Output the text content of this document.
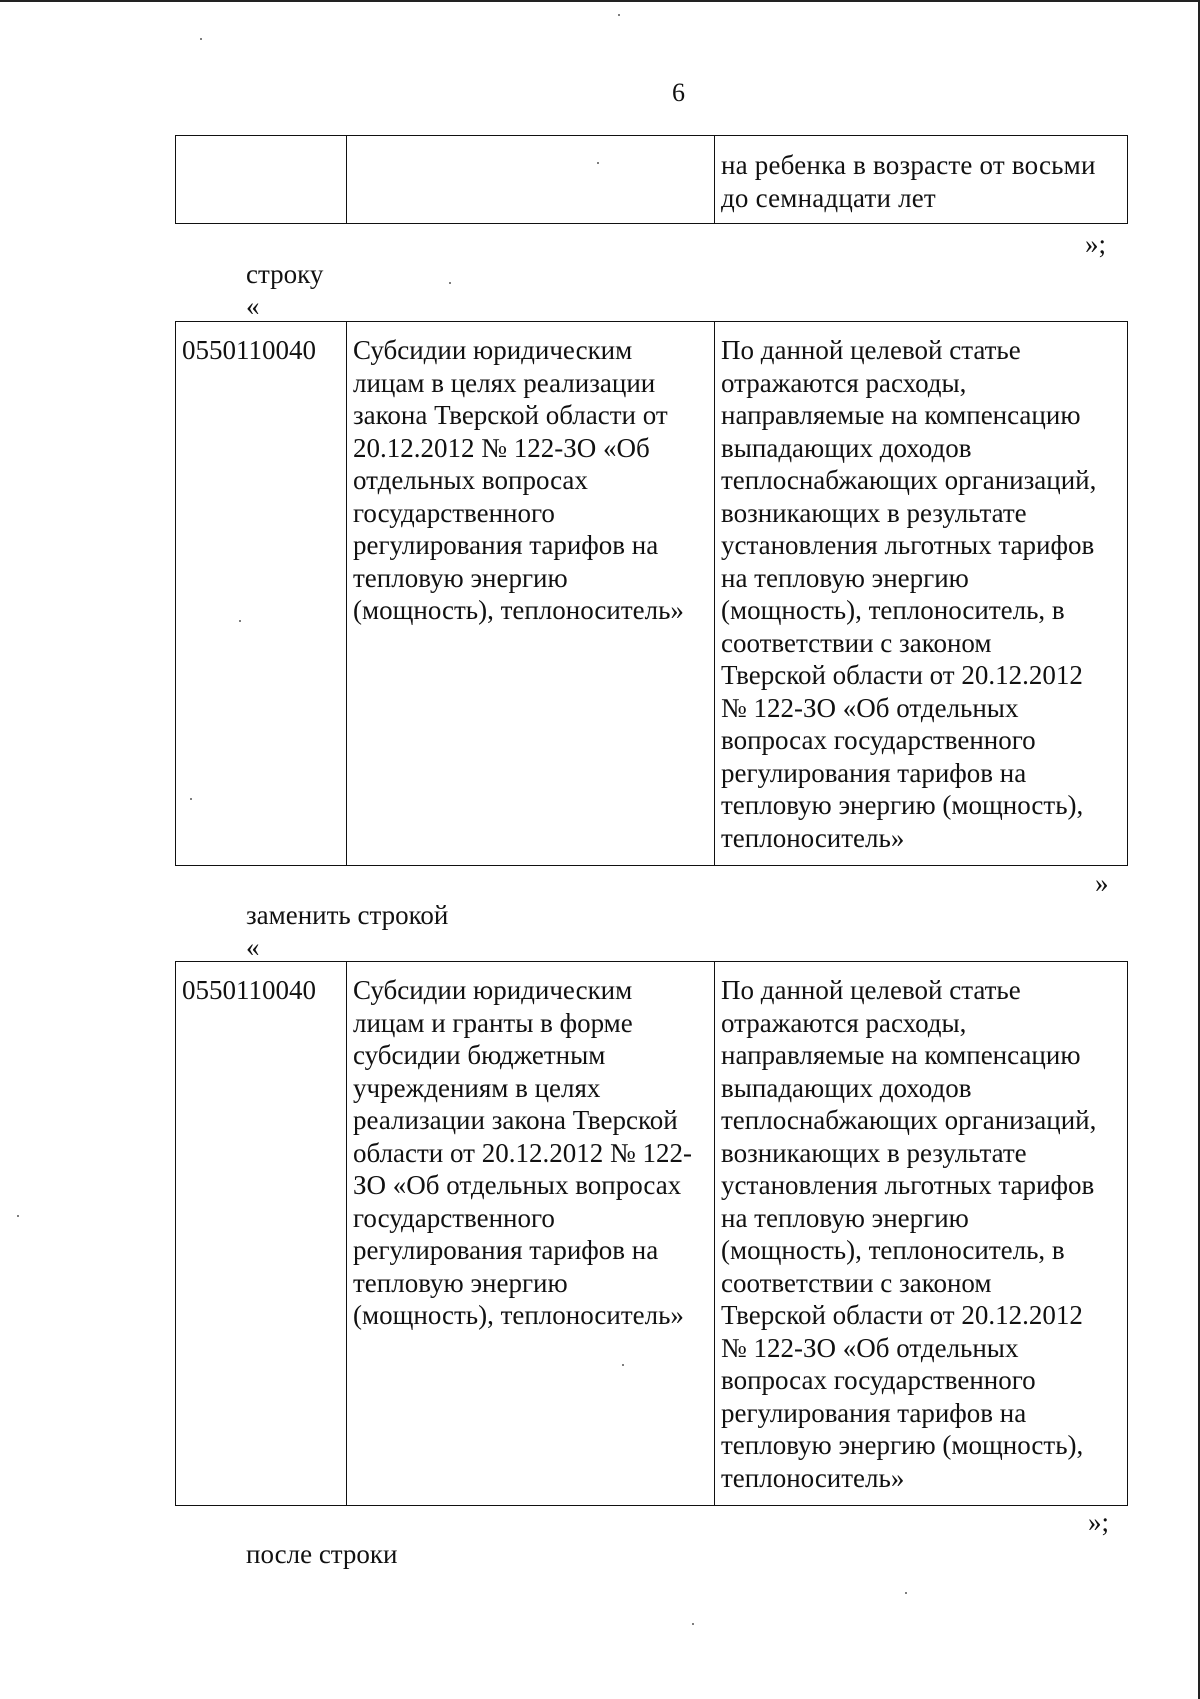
6
		на ребенка в возрасте от восьми
до семнадцати лет
»;
строку
«
0550110040	Субсидии юридическим
лицам в целях реализации
закона Тверской области от
20.12.2012 № 122-ЗО «Об
отдельных вопросах
государственного
регулирования тарифов на
тепловую энергию
(мощность), теплоноситель»	По данной целевой статье
отражаются расходы,
направляемые на компенсацию
выпадающих доходов
теплоснабжающих организаций,
возникающих в результате
установления льготных тарифов
на тепловую энергию
(мощность), теплоноситель, в
соответствии с законом
Тверской области от 20.12.2012
№ 122-ЗО «Об отдельных
вопросах государственного
регулирования тарифов на
тепловую энергию (мощность),
теплоноситель»
»
заменить строкой
«
0550110040	Субсидии юридическим
лицам и гранты в форме
субсидии бюджетным
учреждениям в целях
реализации закона Тверской
области от 20.12.2012 № 122-
ЗО «Об отдельных вопросах
государственного
регулирования тарифов на
тепловую энергию
(мощность), теплоноситель»	По данной целевой статье
отражаются расходы,
направляемые на компенсацию
выпадающих доходов
теплоснабжающих организаций,
возникающих в результате
установления льготных тарифов
на тепловую энергию
(мощность), теплоноситель, в
соответствии с законом
Тверской области от 20.12.2012
№ 122-ЗО «Об отдельных
вопросах государственного
регулирования тарифов на
тепловую энергию (мощность),
теплоноситель»
»;
после строки
